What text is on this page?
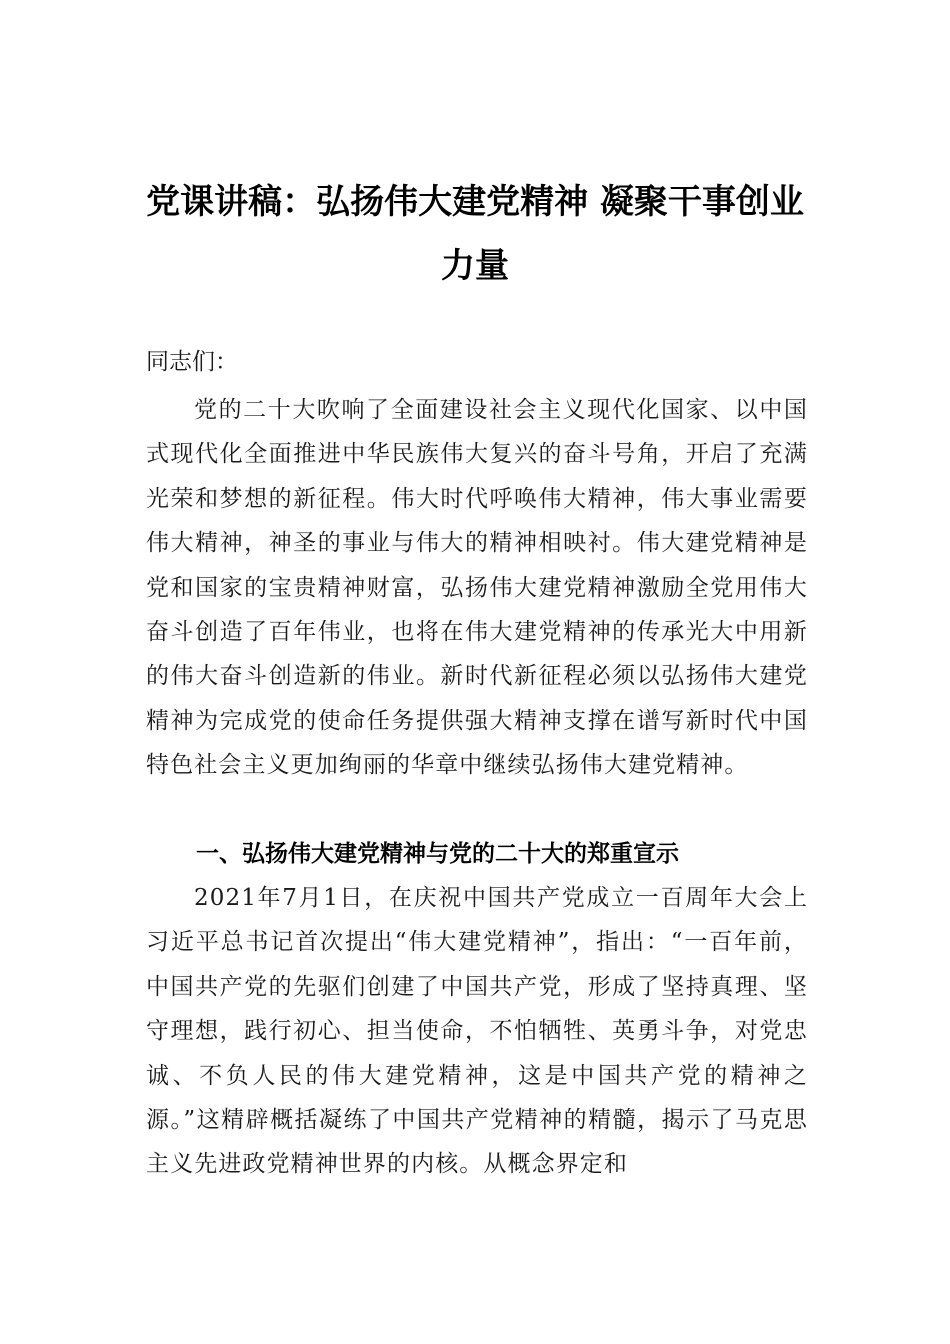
党课讲稿：弘扬伟大建党精神 凝聚干事创业力量
同志们：

党的二十大吹响了全面建设社会主义现代化国家、以中国式现代化全面推进中华民族伟大复兴的奋斗号角，开启了充满光荣和梦想的新征程。伟大时代呼唤伟大精神，伟大事业需要伟大精神，神圣的事业与伟大的精神相映衬。伟大建党精神是党和国家的宝贵精神财富，弘扬伟大建党精神激励全党用伟大奋斗创造了百年伟业，也将在伟大建党精神的传承光大中用新的伟大奋斗创造新的伟业。新时代新征程必须以弘扬伟大建党精神为完成党的使命任务提供强大精神支撑在谱写新时代中国特色社会主义更加绚丽的华章中继续弘扬伟大建党精神。

一、弘扬伟大建党精神与党的二十大的郑重宣示

2021年7月1日，在庆祝中国共产党成立一百周年大会上习近平总书记首次提出“伟大建党精神”，指出：“一百年前，中国共产党的先驱们创建了中国共产党，形成了坚持真理、坚守理想，践行初心、担当使命，不怕牺牲、英勇斗争，对党忠诚、不负人民的伟大建党精神，这是中国共产党的精神之源。”这精辟概括凝练了中国共产党精神的精髓，揭示了马克思主义先进政党精神世界的内核。从概念界定和
